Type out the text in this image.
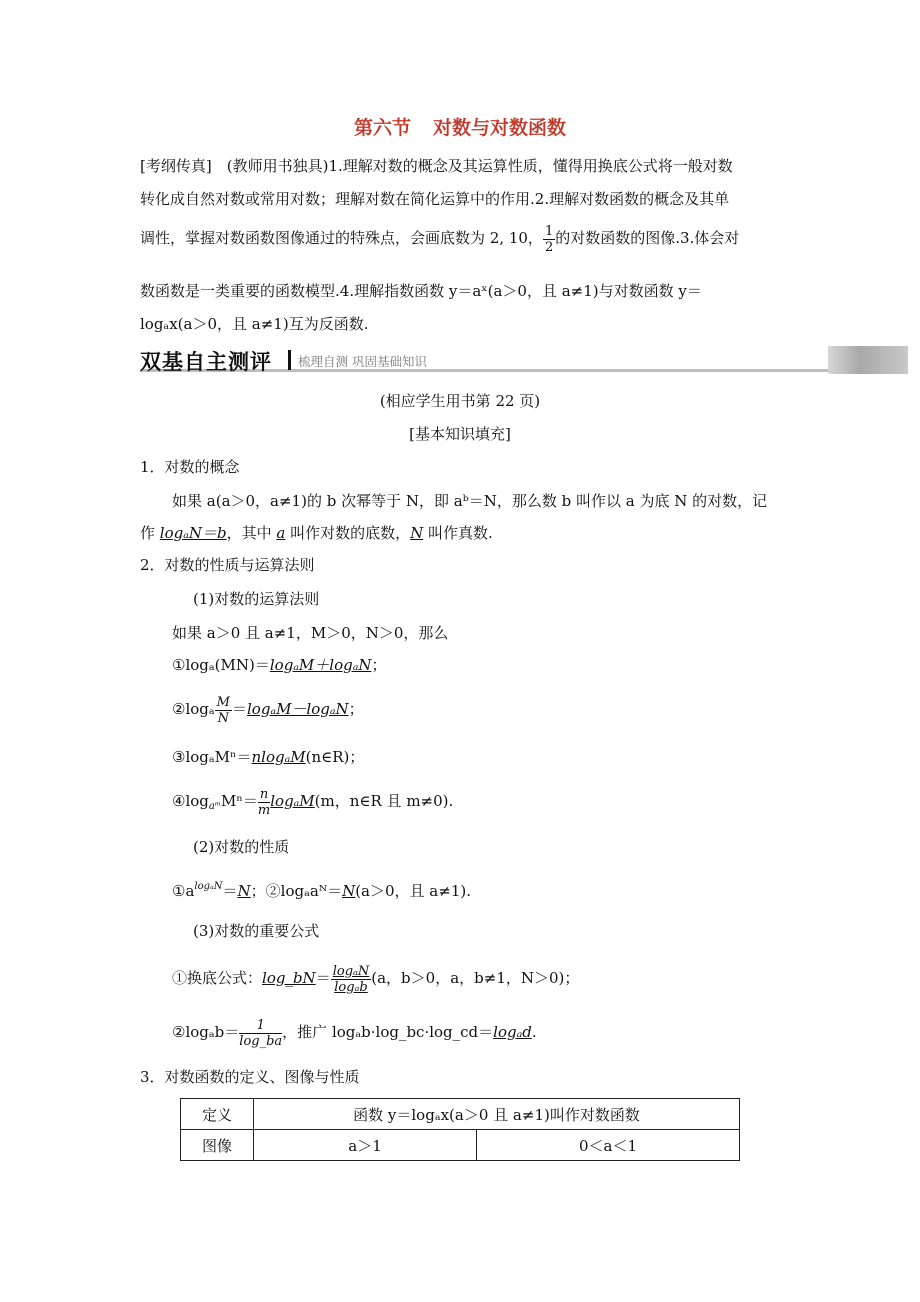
第六节 对数与对数函数
[考纲传真]　 (教师用书独具)1.理解对数的概念及其运算性质，懂得用换底公式将一般对数
转化成自然对数或常用对数；理解对数在简化运算中的作用.2.理解对数函数的概念及其单
调性，掌握对数函数图像通过的特殊点，会画底数为 2, 10， $\frac{1}{2}$ 的对数函数的图像.3.体会对
数函数是一类重要的函数模型.4.理解指数函数 y＝aˣ(a＞0，且 a≠1)与对数函数 y＝
logₐx(a＞0，且 a≠1)互为反函数.
双基自主测评 梳理自测 巩固基础知识
(相应学生用书第 22 页)
[基本知识填充]
1．对数的概念
如果 a(a＞0，a≠1)的 b 次幂等于 N，即 aᵇ＝N，那么数 b 叫作以 a 为底 N 的对数，记
作 logₐN＝b，其中 a 叫作对数的底数，N 叫作真数.
2．对数的性质与运算法则
(1)对数的运算法则
如果 a＞0 且 a≠1，M＞0，N＞0，那么
①logₐ(MN)＝logₐM＋logₐN；
②logₐ $\frac{M}{N} =\log_aM-\log_aN$；
③logₐMⁿ＝nlogₐM(n∈R)；
$④\log_{aᵐ}M^n= \frac{n}{m} \log_aM(m$，n∈R 且 m≠0).
(2)对数的性质
$①a^{log_aN}=N$；②logₐaᴺ＝N(a＞0，且 a≠1).
(3)对数的重要公式
①换底公式：log_bN＝ $\frac{\text{logₐN}}{\text{logₐb}} (a$，b＞0，a，b≠1，N＞0)；
②logₐb＝ $\frac{1}{\log\_ba}$ ，推广 logₐb·log_bc·log_cd＝logₐd.
3．对数函数的定义、图像与性质
定义	函数 y＝logₐx(a＞0 且 a≠1)叫作对数函数	
图像	a＞1	0＜a＜1
